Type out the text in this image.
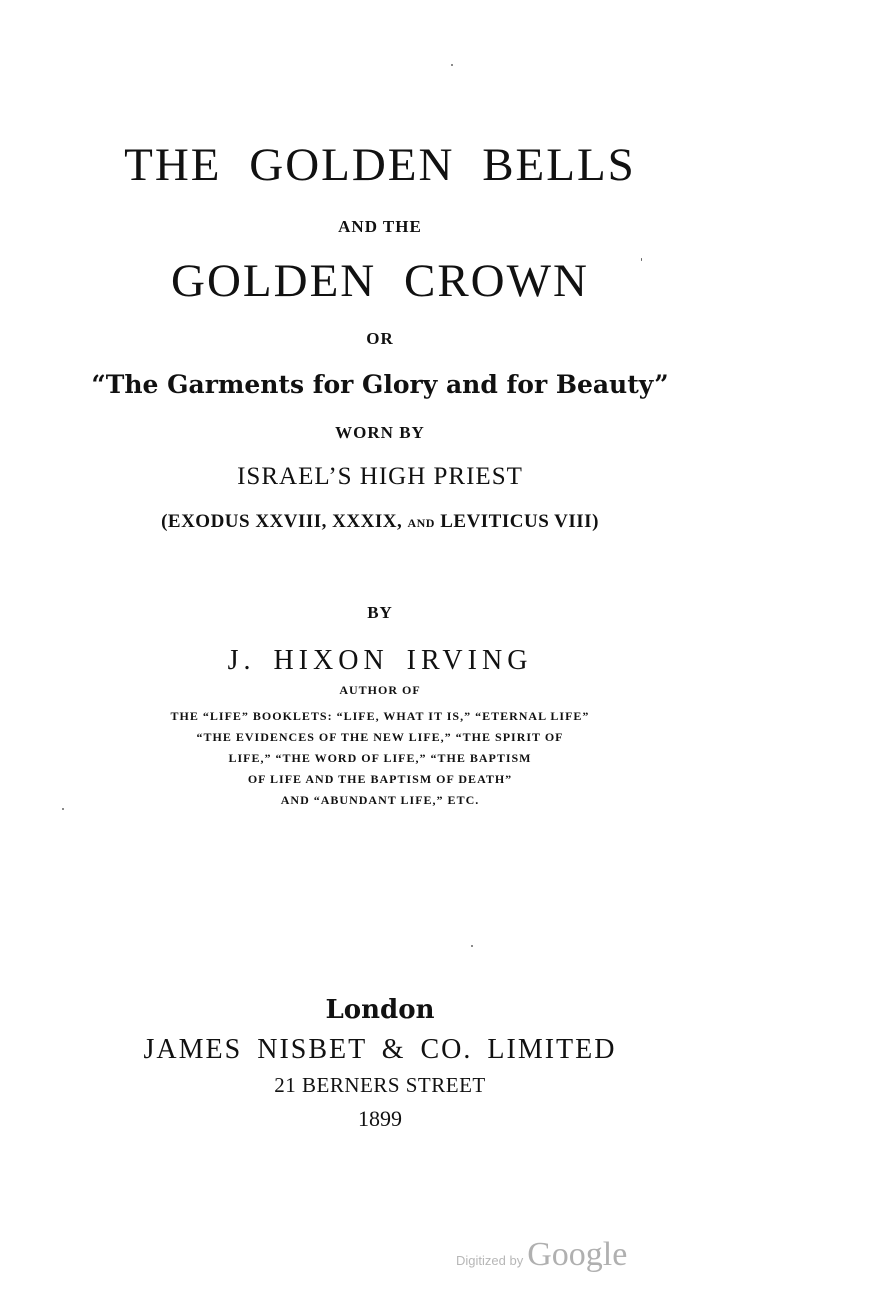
THE GOLDEN BELLS
AND THE
GOLDEN CROWN
OR
“The Garments for Glory and for Beauty”
WORN BY
ISRAEL’S HIGH PRIEST
(EXODUS XXVIII, XXXIX, AND LEVITICUS VIII)
BY
J. HIXON IRVING
AUTHOR OF
THE “LIFE” BOOKLETS: “LIFE, WHAT IT IS,” “ETERNAL LIFE”
“THE EVIDENCES OF THE NEW LIFE,” “THE SPIRIT OF
LIFE,” “THE WORD OF LIFE,” “THE BAPTISM
OF LIFE AND THE BAPTISM OF DEATH”
AND “ABUNDANT LIFE,” ETC.
London
JAMES NISBET & CO. LIMITED
21 BERNERS STREET
1899
Digitized by Google
